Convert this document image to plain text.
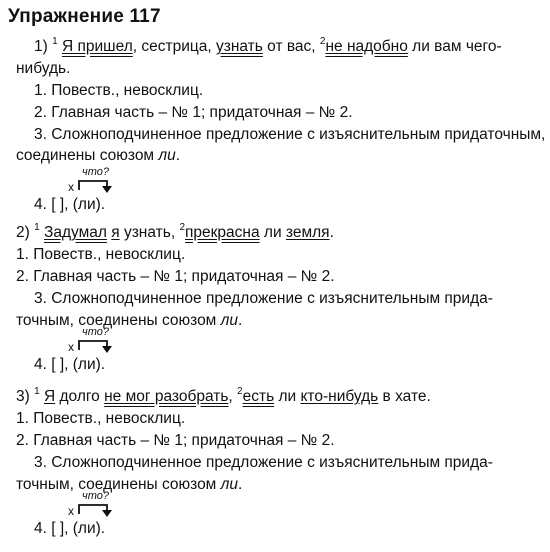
Упражнение 117
1) $^1$ Я пришел, сестрица, узнать от вас, $^2$не надобно ли вам чего-
нибудь.
1. Повеств., невосклиц.
2. Главная часть – № 1; придаточная – № 2.
3. Сложноподчиненное предложение с изъяснительным придаточным,
соединены союзом ли.
что?
х
4. [ ], (ли).
2) $^1$ Задумал я узнать, $^2$прекрасна ли земля.
1. Повеств., невосклиц.
2. Главная часть – № 1; придаточная – № 2.
3. Сложноподчиненное предложение с изъяснительным прида-
точным, соединены союзом ли.
что?
х
4. [ ], (ли).
3) $^1$ Я долго не мог разобрать, $^2$есть ли кто-нибудь в хате.
1. Повеств., невосклиц.
2. Главная часть – № 1; придаточная – № 2.
3. Сложноподчиненное предложение с изъяснительным прида-
точным, соединены союзом ли.
что?
х
4. [ ], (ли).
